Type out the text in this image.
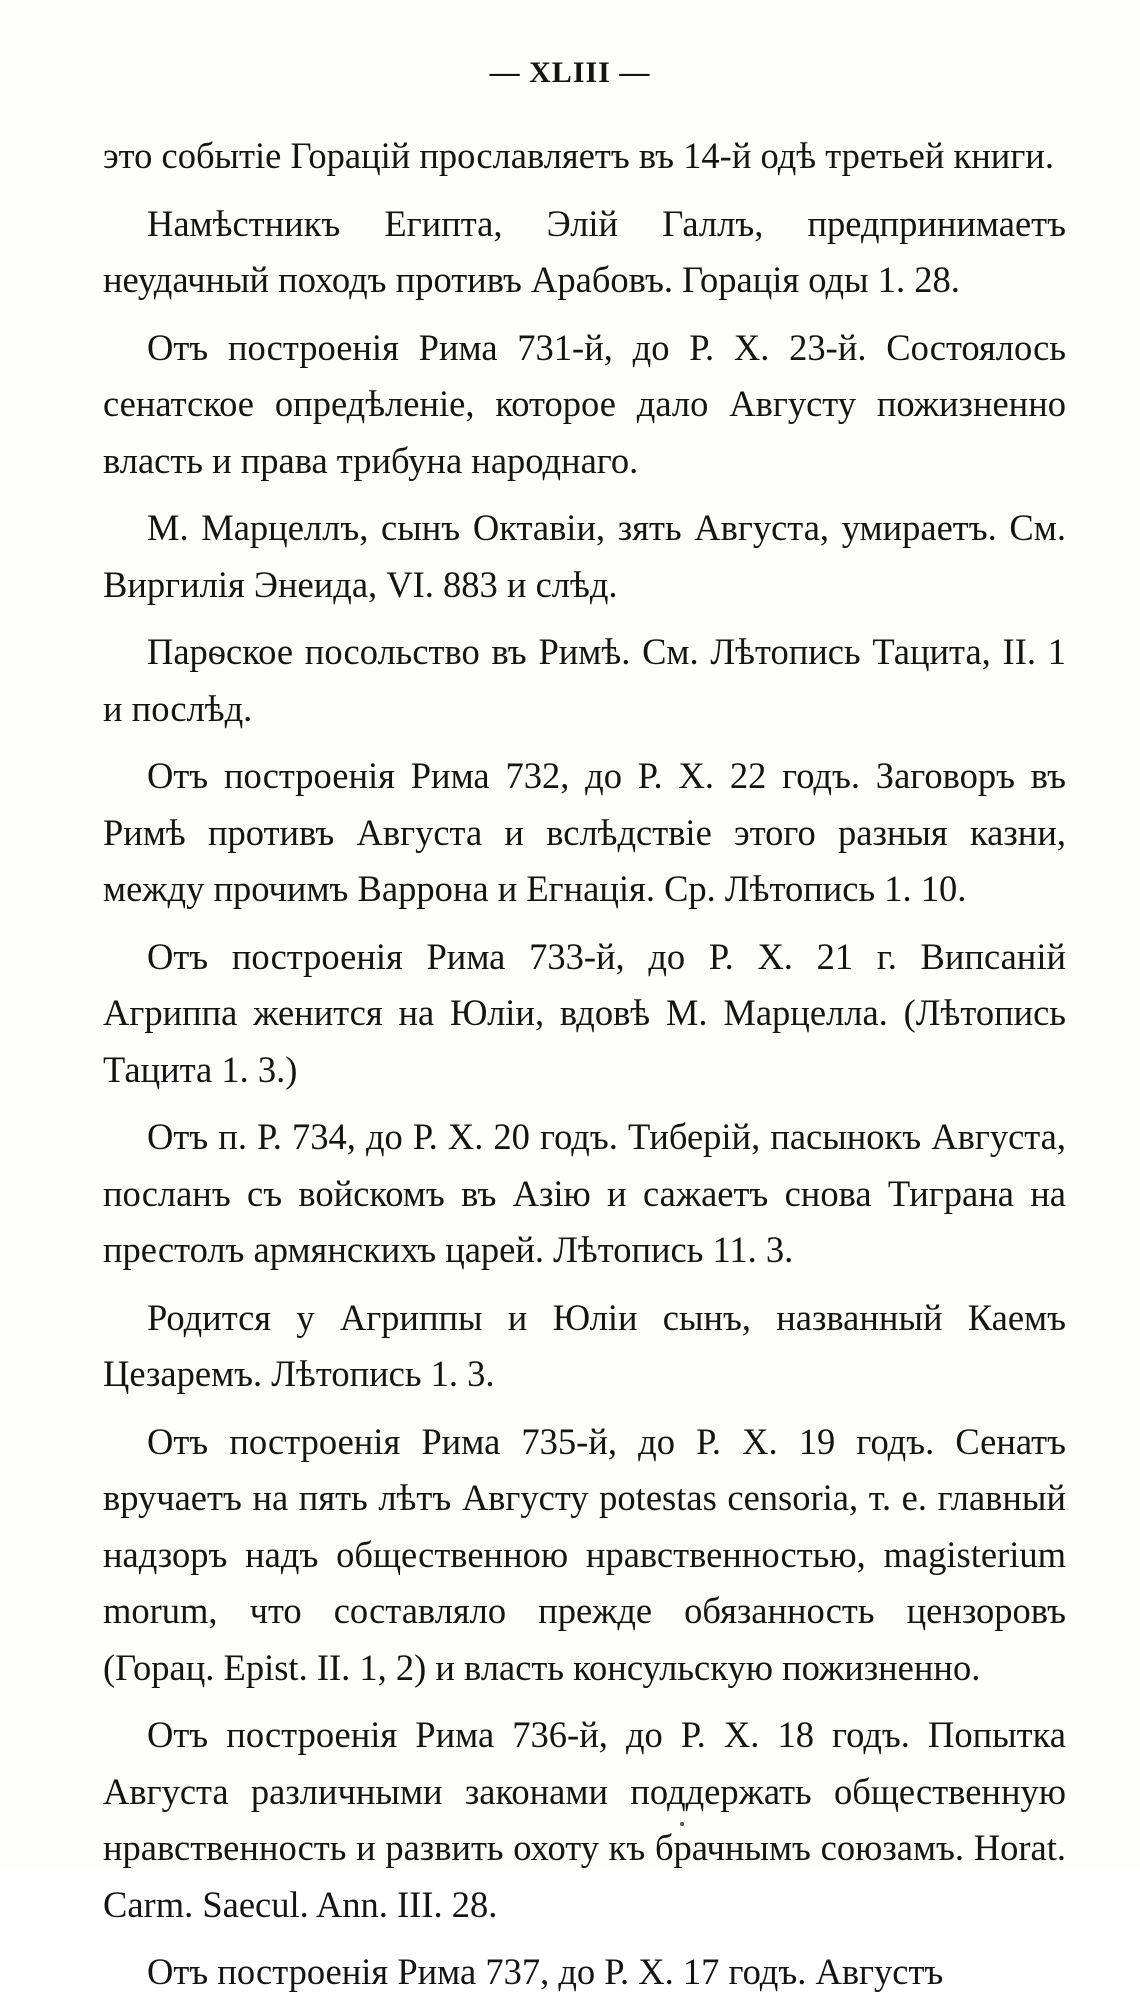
— XLIII —

это событіе Горацій прославляетъ въ 14-й одѣ третьей книги.

Намѣстникъ Египта, Элій Галлъ, предпринимаетъ неудачный походъ противъ Арабовъ. Горація оды 1. 28.

Отъ построенія Рима 731-й, до Р. Х. 23-й. Состоялось сенатское опредѣленіе, которое дало Августу пожизненно власть и права трибуна народнаго.

М. Марцеллъ, сынъ Октавіи, зять Августа, умираетъ. См. Виргилія Энеида, VI. 883 и слѣд.

Парѳское посольство въ Римѣ. См. Лѣтопись Тацита, II. 1 и послѣд.

Отъ построенія Рима 732, до Р. Х. 22 годъ. Заговоръ въ Римѣ противъ Августа и вслѣдствіе этого разныя казни, между прочимъ Варрона и Егнація. Ср. Лѣтопись 1. 10.

Отъ построенія Рима 733-й, до Р. Х. 21 г. Випсаній Агриппа женится на Юліи, вдовѣ М. Марцелла. (Лѣтопись Тацита 1. 3.)

Отъ п. Р. 734, до Р. Х. 20 годъ. Тиберій, пасынокъ Августа, посланъ съ войскомъ въ Азію и сажаетъ снова Тиграна на престолъ армянскихъ царей. Лѣтопись 11. 3.

Родится у Агриппы и Юліи сынъ, названный Каемъ Цезаремъ. Лѣтопись 1. 3.

Отъ построенія Рима 735-й, до Р. Х. 19 годъ. Сенатъ вручаетъ на пять лѣтъ Августу potestas censoria, т. е. главный надзоръ надъ общественною нравственностью, magisterium morum, что составляло прежде обязанность цензоровъ (Горац. Epist. II. 1, 2) и власть консульскую пожизненно.

Отъ построенія Рима 736-й, до Р. Х. 18 годъ. Попытка Августа различными законами поддержать общественную нравственность и развить охоту къ брачнымъ союзамъ. Horat. Carm. Saecul. Ann. III. 28.

Отъ построенія Рима 737, до Р. Х. 17 годъ. Августъ
